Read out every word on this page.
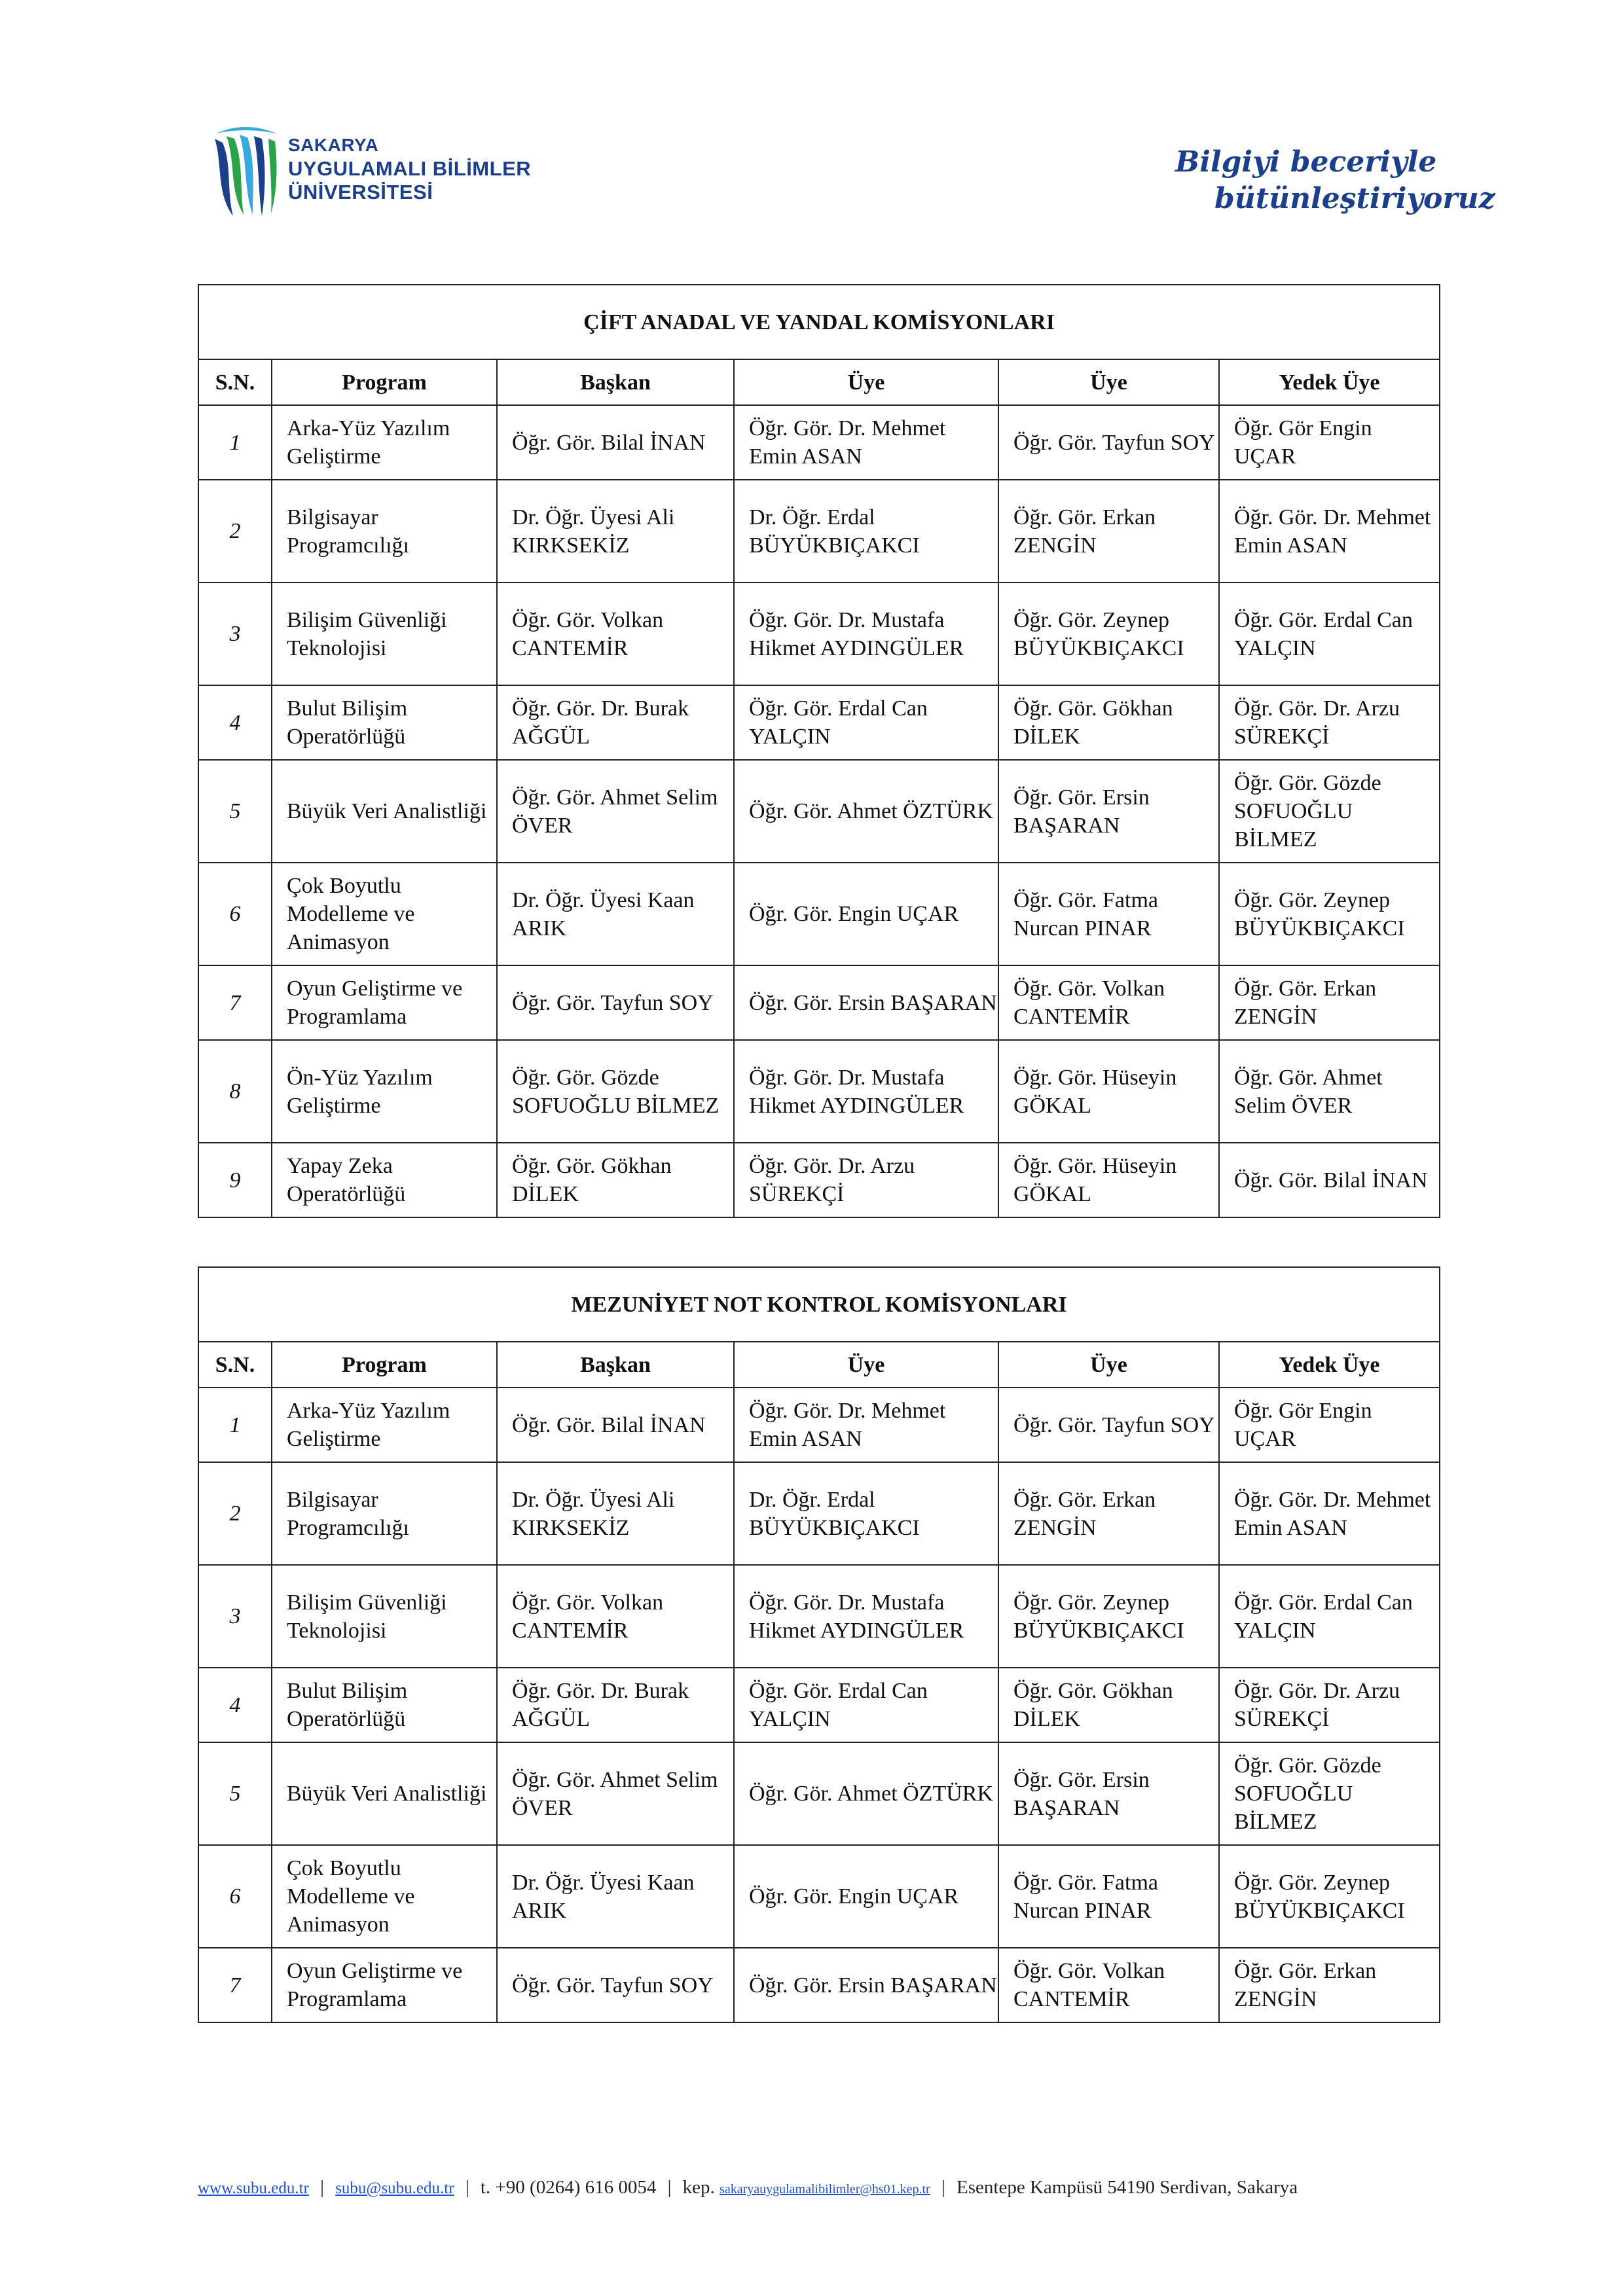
SAKARYA
UYGULAMALI BİLİMLER
ÜNİVERSİTESİ
Bilgiyi beceriyle
bütünleştiriyoruz
ÇİFT ANADAL VE YANDAL KOMİSYONLARI					
S.N.	Program	Başkan	Üye	Üye	Yedek Üye
1	Arka-Yüz Yazılım Geliştirme	Öğr. Gör. Bilal İNAN	Öğr. Gör. Dr. Mehmet Emin ASAN	Öğr. Gör. Tayfun SOY	Öğr. Gör Engin UÇAR
2	Bilgisayar Programcılığı	Dr. Öğr. Üyesi Ali KIRKSEKİZ	Dr. Öğr. Erdal BÜYÜKBIÇAKCI	Öğr. Gör. Erkan ZENGİN	Öğr. Gör. Dr. Mehmet Emin ASAN
3	Bilişim Güvenliği Teknolojisi	Öğr. Gör. Volkan CANTEMİR	Öğr. Gör. Dr. Mustafa Hikmet AYDINGÜLER	Öğr. Gör. Zeynep BÜYÜKBIÇAKCI	Öğr. Gör. Erdal Can YALÇIN
4	Bulut Bilişim Operatörlüğü	Öğr. Gör. Dr. Burak AĞGÜL	Öğr. Gör. Erdal Can YALÇIN	Öğr. Gör. Gökhan DİLEK	Öğr. Gör. Dr. Arzu SÜREKÇİ
5	Büyük Veri Analistliği	Öğr. Gör. Ahmet Selim ÖVER	Öğr. Gör. Ahmet ÖZTÜRK	Öğr. Gör. Ersin BAŞARAN	Öğr. Gör. Gözde SOFUOĞLU BİLMEZ
6	Çok Boyutlu Modelleme ve Animasyon	Dr. Öğr. Üyesi Kaan ARIK	Öğr. Gör. Engin UÇAR	Öğr. Gör. Fatma Nurcan PINAR	Öğr. Gör. Zeynep BÜYÜKBIÇAKCI
7	Oyun Geliştirme ve Programlama	Öğr. Gör. Tayfun SOY	Öğr. Gör. Ersin BAŞARAN	Öğr. Gör. Volkan CANTEMİR	Öğr. Gör. Erkan ZENGİN
8	Ön-Yüz Yazılım Geliştirme	Öğr. Gör. Gözde SOFUOĞLU BİLMEZ	Öğr. Gör. Dr. Mustafa Hikmet AYDINGÜLER	Öğr. Gör. Hüseyin GÖKAL	Öğr. Gör. Ahmet Selim ÖVER
9	Yapay Zeka Operatörlüğü	Öğr. Gör. Gökhan DİLEK	Öğr. Gör. Dr. Arzu SÜREKÇİ	Öğr. Gör. Hüseyin GÖKAL	Öğr. Gör. Bilal İNAN
MEZUNİYET NOT KONTROL KOMİSYONLARI					
S.N.	Program	Başkan	Üye	Üye	Yedek Üye
1	Arka-Yüz Yazılım Geliştirme	Öğr. Gör. Bilal İNAN	Öğr. Gör. Dr. Mehmet Emin ASAN	Öğr. Gör. Tayfun SOY	Öğr. Gör Engin UÇAR
2	Bilgisayar Programcılığı	Dr. Öğr. Üyesi Ali KIRKSEKİZ	Dr. Öğr. Erdal BÜYÜKBIÇAKCI	Öğr. Gör. Erkan ZENGİN	Öğr. Gör. Dr. Mehmet Emin ASAN
3	Bilişim Güvenliği Teknolojisi	Öğr. Gör. Volkan CANTEMİR	Öğr. Gör. Dr. Mustafa Hikmet AYDINGÜLER	Öğr. Gör. Zeynep BÜYÜKBIÇAKCI	Öğr. Gör. Erdal Can YALÇIN
4	Bulut Bilişim Operatörlüğü	Öğr. Gör. Dr. Burak AĞGÜL	Öğr. Gör. Erdal Can YALÇIN	Öğr. Gör. Gökhan DİLEK	Öğr. Gör. Dr. Arzu SÜREKÇİ
5	Büyük Veri Analistliği	Öğr. Gör. Ahmet Selim ÖVER	Öğr. Gör. Ahmet ÖZTÜRK	Öğr. Gör. Ersin BAŞARAN	Öğr. Gör. Gözde SOFUOĞLU BİLMEZ
6	Çok Boyutlu Modelleme ve Animasyon	Dr. Öğr. Üyesi Kaan ARIK	Öğr. Gör. Engin UÇAR	Öğr. Gör. Fatma Nurcan PINAR	Öğr. Gör. Zeynep BÜYÜKBIÇAKCI
7	Oyun Geliştirme ve Programlama	Öğr. Gör. Tayfun SOY	Öğr. Gör. Ersin BAŞARAN	Öğr. Gör. Volkan CANTEMİR	Öğr. Gör. Erkan ZENGİN
www.subu.edu.tr | subu@subu.edu.tr | t. +90 (0264) 616 0054 | kep. sakaryauygulamalibilimler@hs01.kep.tr | Esentepe Kampüsü 54190 Serdivan, Sakarya
